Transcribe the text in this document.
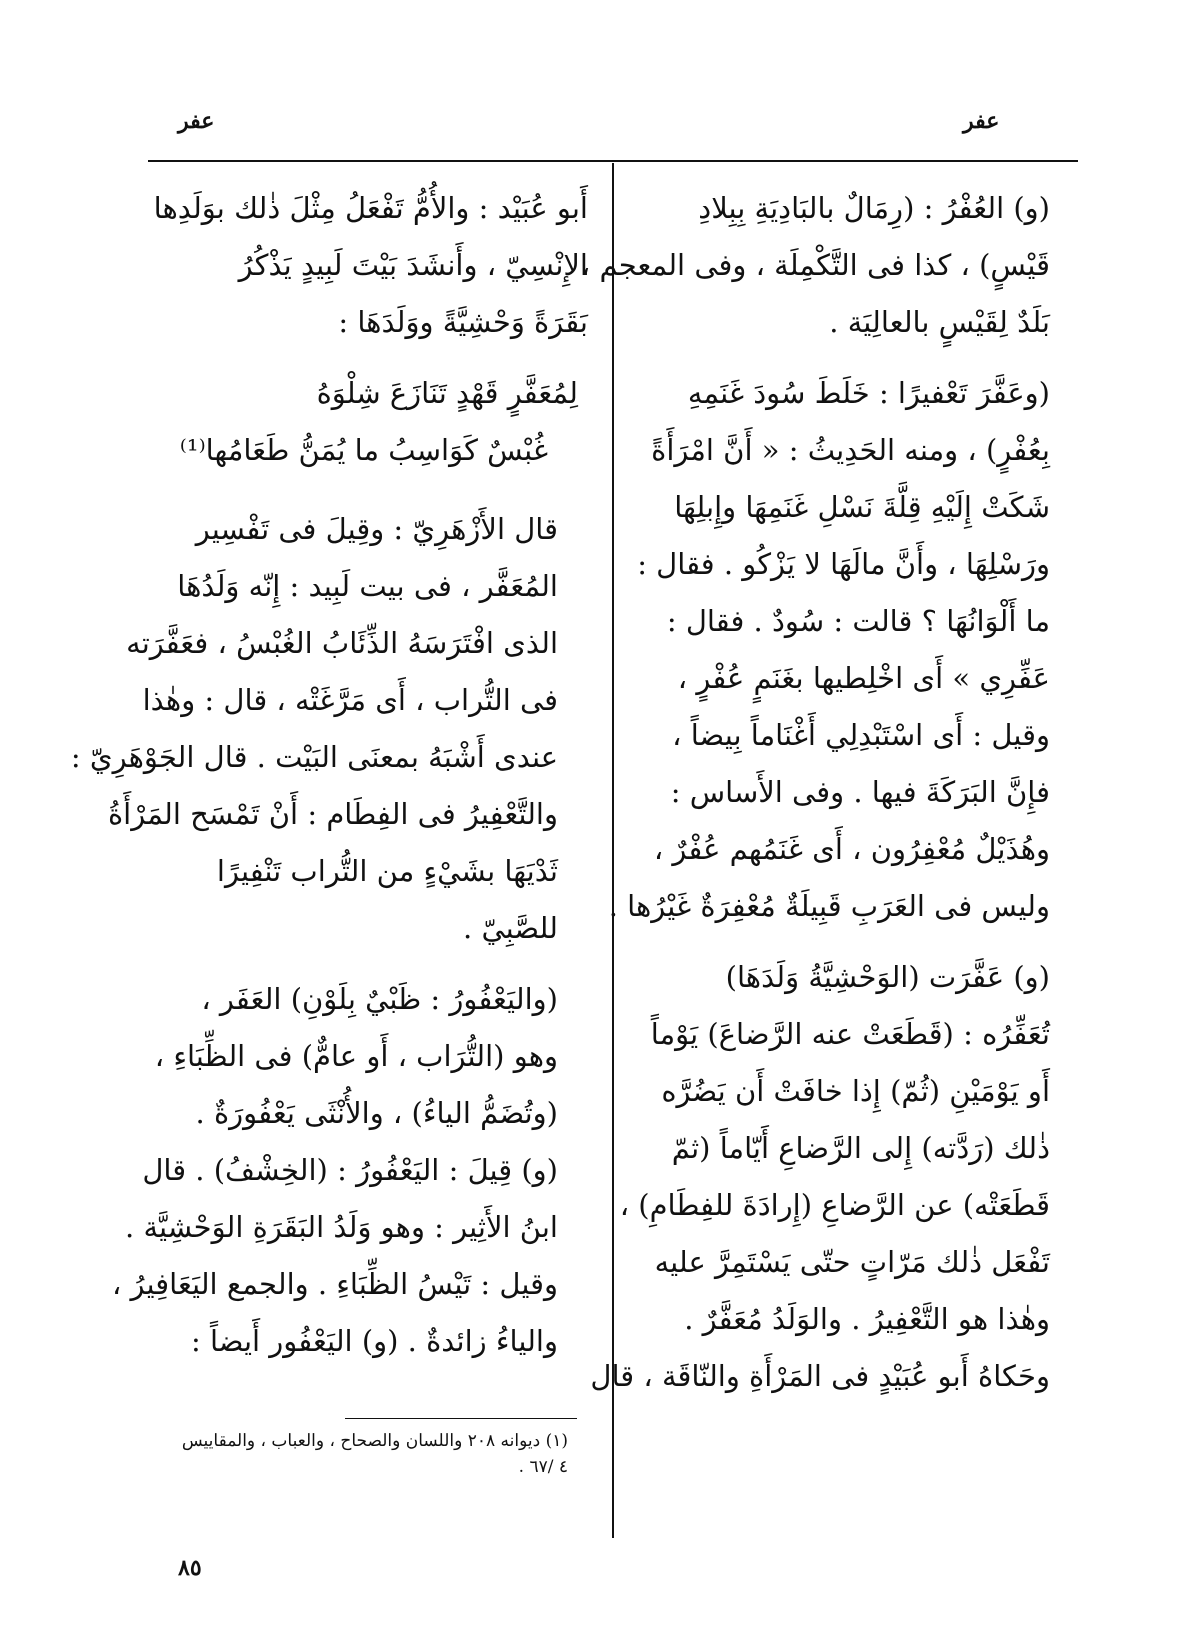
عفر	عفر
(و) العُفْرُ : (رِمَالٌ بالبَادِيَةِ بِبِلادِ
قَيْسٍ) ، كذا فى التَّكْمِلَة ، وفى المعجم ،
بَلَدٌ لِقَيْسٍ بالعالِيَة .
(وعَفَّرَ تَعْفيرًا : خَلَطَ سُودَ غَنَمِهِ
بِعُفْرٍ) ، ومنه الحَدِيثُ : « أَنَّ امْرَأَةً
شَكَتْ إِلَيْهِ قِلَّةَ نَسْلِ غَنَمِهَا وإِبلِهَا
ورَسْلِهَا ، وأَنَّ مالَهَا لا يَزْكُو . فقال :
ما أَلْوَانُهَا ؟ قالت : سُودٌ . فقال :
عَفِّرِي » أَى اخْلِطيها بغَنَمٍ عُفْرٍ ،
وقيل : أَى اسْتَبْدِلِي أَغْنَاماً بِيضاً ،
فإِنَّ البَرَكَةَ فيها . وفى الأَساس :
وهُذَيْلٌ مُعْفِرُون ، أَى غَنَمُهم عُفْرٌ ،
وليس فى العَرَبِ قَبِيلَةٌ مُعْفِرَةٌ غَيْرُها .
(و) عَفَّرَت (الوَحْشِيَّةُ وَلَدَهَا)
تُعَفِّرُه : (قَطَعَتْ عنه الرَّضاعَ) يَوْماً
أَو يَوْمَيْنِ (ثُمّ) إِذا خافَتْ أَن يَضُرَّه
ذٰلك (رَدَّته) إِلى الرَّضاعِ أَيّاماً (ثمّ
قَطَعَتْه) عن الرَّضاعِ (إِرادَةَ للفِطَامِ) ،
تَفْعَل ذٰلك مَرّاتٍ حتّى يَسْتَمِرَّ عليه
وهٰذا هو التَّعْفِيرُ . والوَلَدُ مُعَفَّرٌ .
وحَكاهُ أَبو عُبَيْدٍ فى المَرْأَةِ والنّاقَة ، قال
أَبو عُبَيْد : والأُمُّ تَفْعَلُ مِثْلَ ذٰلك بوَلَدِها
الإِنْسِيّ ، وأَنشَدَ بَيْتَ لَبِيدٍ يَذْكُرُ
بَقَرَةً وَحْشِيَّةً ووَلَدَهَا :
لِمُعَفَّرٍ قَهْدٍ تَنَازَعَ شِلْوَهُ
غُبْسٌ كَوَاسِبُ ما يُمَنُّ طَعَامُها⁽¹⁾
قال الأَزْهَرِيّ : وقِيلَ فى تَفْسِير
المُعَفَّر ، فى بيت لَبِيد : إِنّه وَلَدُهَا
الذى افْتَرَسَهُ الذِّئَابُ الغُبْسُ ، فعَفَّرَته
فى التُّراب ، أَى مَرَّغَتْه ، قال : وهٰذا
عندى أَشْبَهُ بمعنَى البَيْت . قال الجَوْهَرِيّ :
والتَّعْفِيرُ فى الفِطَام : أَنْ تَمْسَح المَرْأَةُ
ثَدْيَهَا بشَيْءٍ من التُّراب تَنْفِيرًا
للصَّبِيّ .
(واليَعْفُورُ : ظَبْيٌ بِلَوْنِ) العَفَر ،
وهو (التُّرَاب ، أَو عامٌّ) فى الظِّبَاءِ ،
(وتُضَمُّ الياءُ) ، والأُنْثَى يَعْفُورَةٌ .
(و) قِيلَ : اليَعْفُورُ : (الخِشْفُ) . قال
ابنُ الأَثِير : وهو وَلَدُ البَقَرَةِ الوَحْشِيَّة .
وقيل : تَيْسُ الظِّبَاءِ . والجمع اليَعَافِيرُ ،
والياءُ زائدةٌ . (و) اليَعْفُور أَيضاً :
(١) ديوانه ٢٠٨ واللسان والصحاح ، والعباب ، والمقاييس
٤ /٦٧ .
٨٥
